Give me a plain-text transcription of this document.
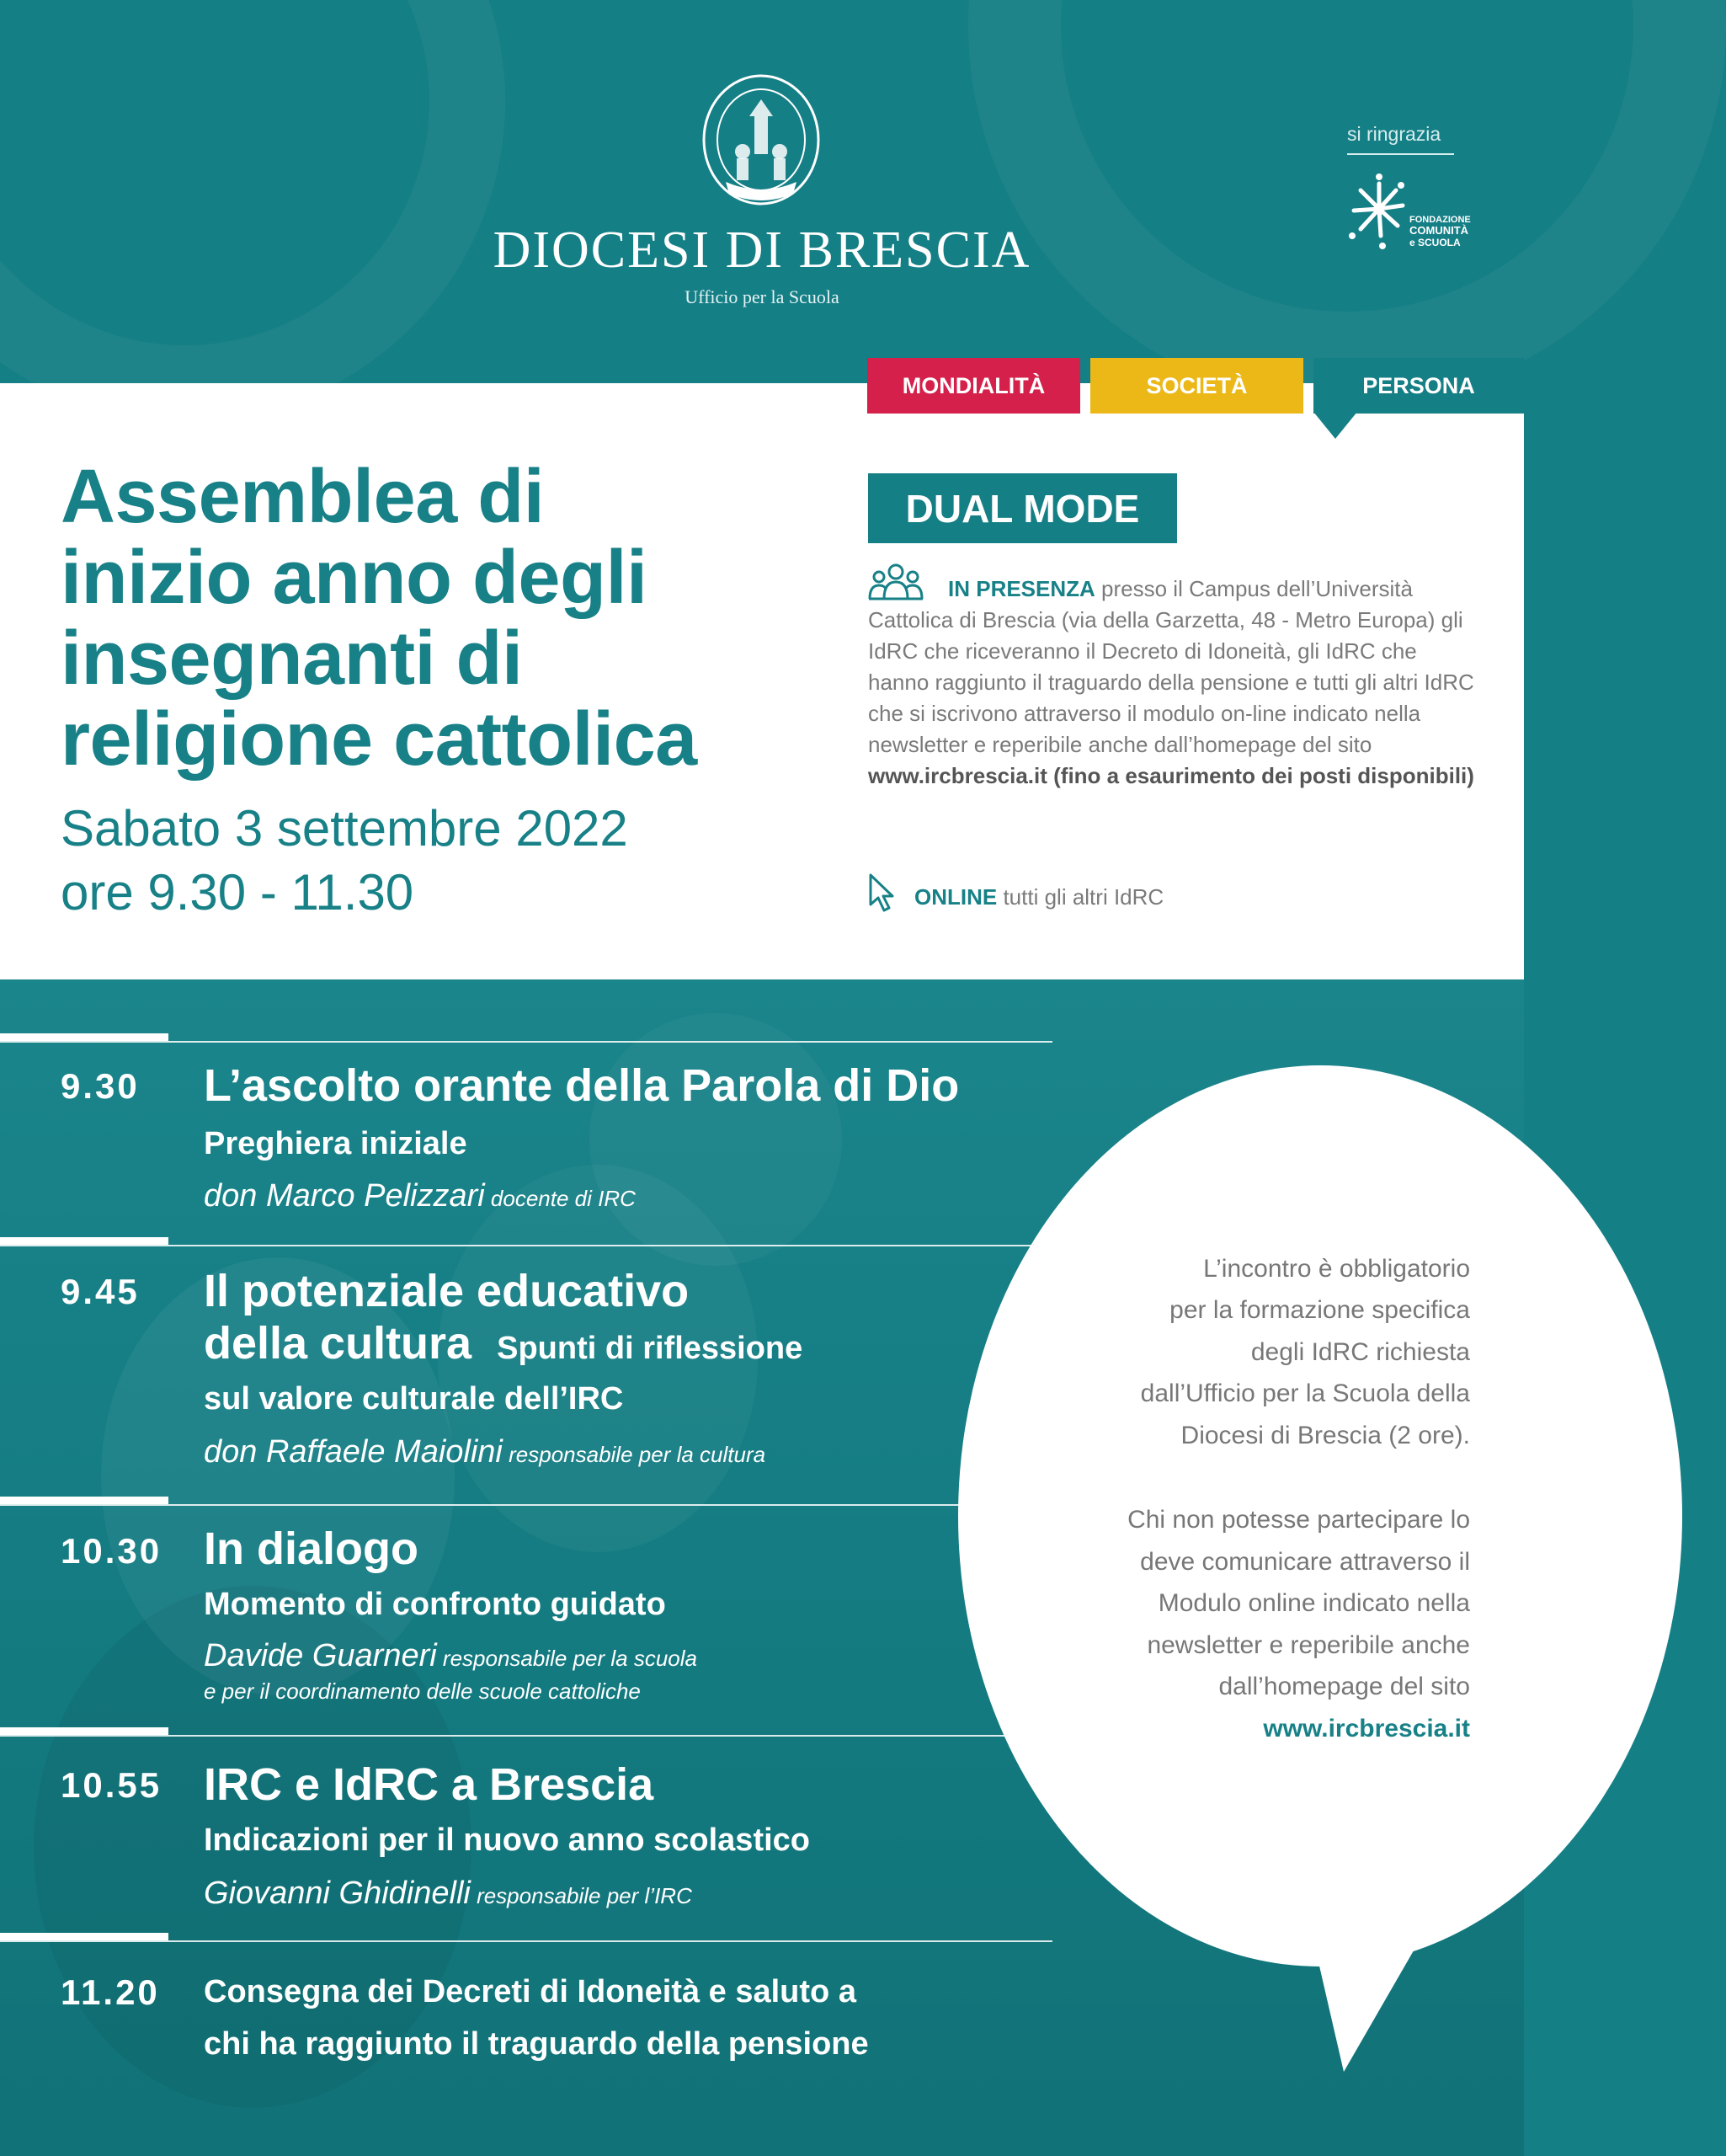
DIOCESI DI BRESCIA
Ufficio per la Scuola
si ringrazia
FONDAZIONE
COMUNITÀ
e SCUOLA
MONDIALITÀ	SOCIETÀ	PERSONA
Assemblea di
inizio anno degli
insegnanti di
religione cattolica
Sabato 3 settembre 2022
ore 9.30 - 11.30
DUAL MODE
IN PRESENZA presso il Campus dell’Università Cattolica di Brescia (via della Garzetta, 48 - Metro Europa) gli IdRC che riceveranno il Decreto di Idoneità, gli IdRC che hanno raggiunto il traguardo della pensione e tutti gli altri IdRC che si iscrivono attraverso il modulo on-line indicato nella newsletter e reperibile anche dall’homepage del sito www.ircbrescia.it (fino a esaurimento dei posti disponibili)
ONLINE tutti gli altri IdRC
9.30 L’ascolto orante della Parola di Dio
Preghiera iniziale
don Marco Pelizzari docente di IRC
9.45 Il potenziale educativo
della cultura Spunti di riflessione
sul valore culturale dell’IRC
don Raffaele Maiolini responsabile per la cultura
10.30 In dialogo
Momento di confronto guidato
Davide Guarneri responsabile per la scuola
e per il coordinamento delle scuole cattoliche
10.55 IRC e IdRC a Brescia
Indicazioni per il nuovo anno scolastico
Giovanni Ghidinelli responsabile per l’IRC
11.20 Consegna dei Decreti di Idoneità e saluto a
chi ha raggiunto il traguardo della pensione
L’incontro è obbligatorio
per la formazione specifica
degli IdRC richiesta
dall’Ufficio per la Scuola della
Diocesi di Brescia (2 ore).
Chi non potesse partecipare lo
deve comunicare attraverso il
Modulo online indicato nella
newsletter e reperibile anche
dall’homepage del sito
www.ircbrescia.it
